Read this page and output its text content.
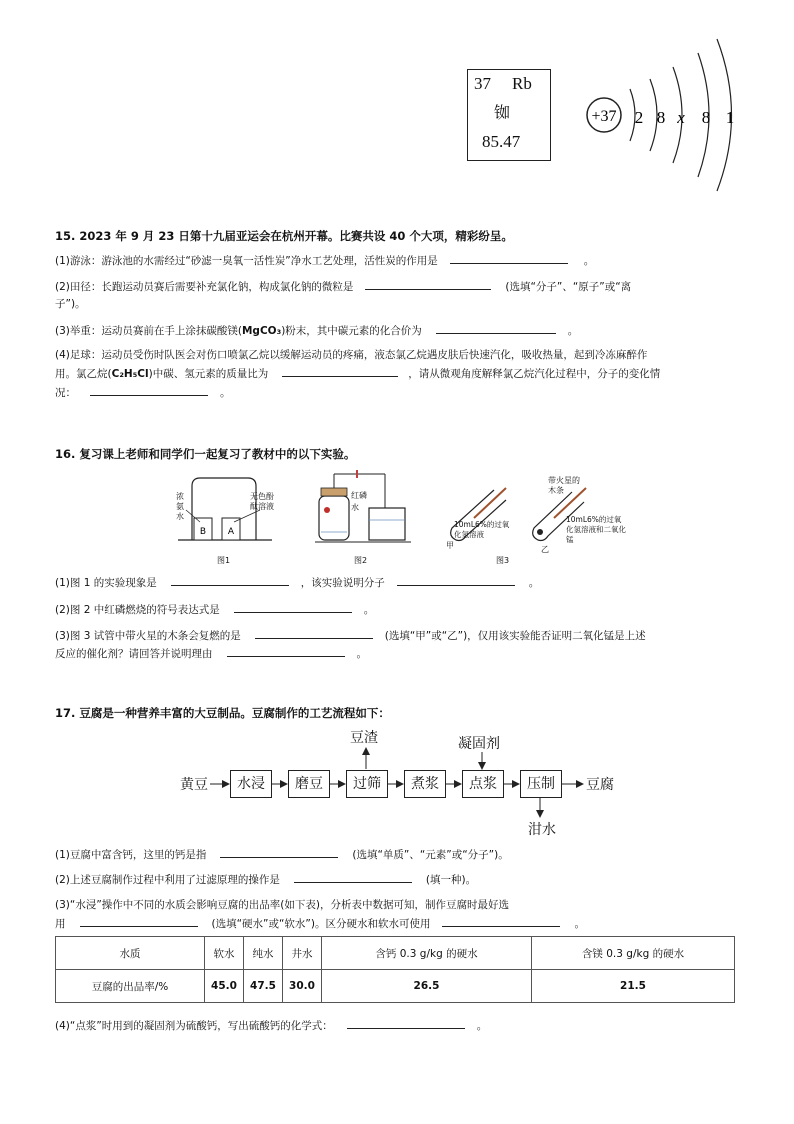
37 Rb
铷
85.47
+37 2 8 x 8 1
15. 2023 年 9 月 23 日第十九届亚运会在杭州开幕。比赛共设 40 个大项，精彩纷呈。
(1)游泳：游泳池的水需经过“砂滤一臭氧一活性炭”净水工艺处理，活性炭的作用是	。
(2)田径：长跑运动员赛后需要补充氯化钠，构成氯化钠的微粒是	(选填“分子”、“原子”或“离
子”)。
(3)举重：运动员赛前在手上涂抹碳酸镁(MgCO₃)粉末，其中碳元素的化合价为	。
(4)足球：运动员受伤时队医会对伤口喷氯乙烷以缓解运动员的疼痛，液态氯乙烷遇皮肤后快速汽化，吸收热量，起到冷冻麻醉作
用。氯乙烷(C₂H₅Cl)中碳、氢元素的质量比为	，请从微观角度解释氯乙烷汽化过程中，分子的变化情
况：	。
16. 复习课上老师和同学们一起复习了教材中的以下实验。
B A
浓氨水
无色酚酞溶液
图1
红磷
水
图2
带火星的木条
10mL6%的过氧化氢溶液
甲
10mL6%的过氧化氢溶液和二氧化锰
乙
图3
(1)图 1 的实验现象是	，该实验说明分子	。
(2)图 2 中红磷燃烧的符号表达式是	。
(3)图 3 试管中带火星的木条会复燃的是	(选填“甲”或“乙”)，仅用该实验能否证明二氧化锰是上述
反应的催化剂？请回答并说明理由	。
17. 豆腐是一种营养丰富的大豆制品。豆腐制作的工艺流程如下：
黄豆	水浸	磨豆	过筛	煮浆	点浆	压制	豆腐
豆渣	凝固剂
泔水
(1)豆腐中富含钙，这里的钙是指	(选填“单质”、“元素”或“分子”)。
(2)上述豆腐制作过程中利用了过滤原理的操作是	(填一种)。
(3)“水浸”操作中不同的水质会影响豆腐的出品率(如下表)，分析表中数据可知，制作豆腐时最好选
用	(选填“硬水”或“软水”)。区分硬水和软水可使用	。
水质	软水	纯水	井水	含钙 0.3 g/kg 的硬水	含镁 0.3 g/kg 的硬水
豆腐的出品率/%	45.0	47.5	30.0	26.5	21.5
(4)“点浆”时用到的凝固剂为硫酸钙，写出硫酸钙的化学式：	。
